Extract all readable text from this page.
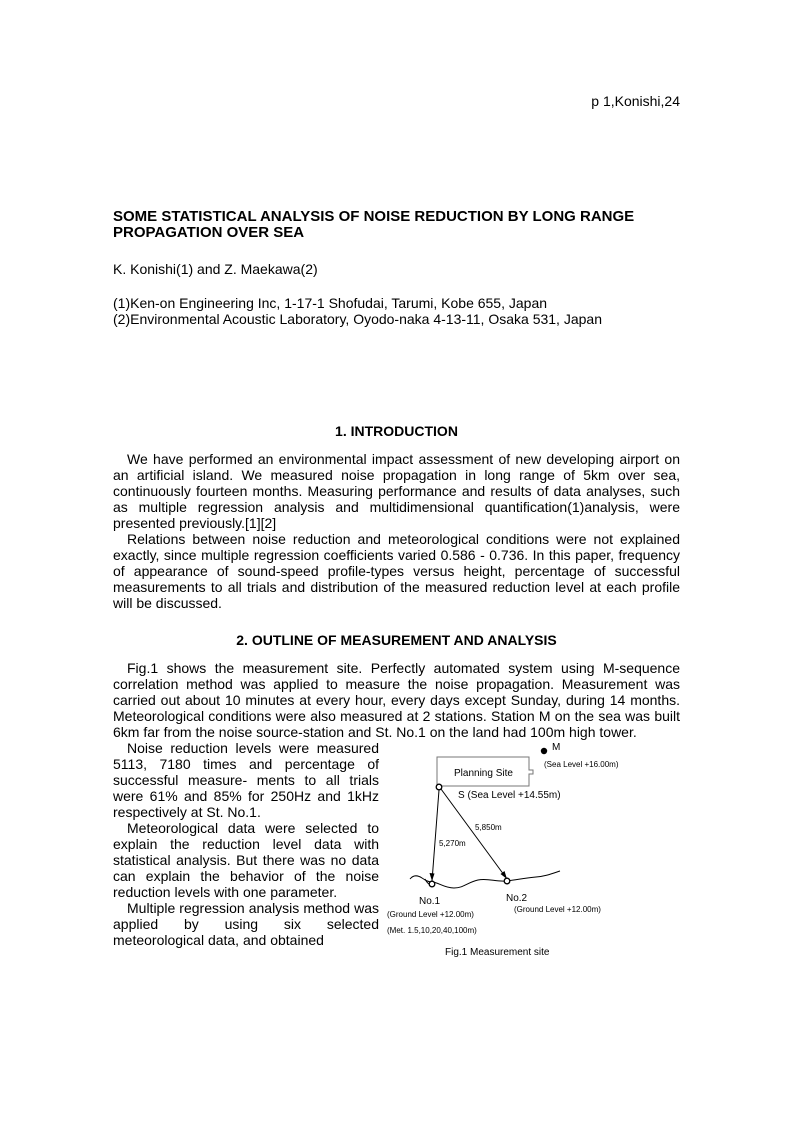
p 1,Konishi,24
SOME STATISTICAL ANALYSIS OF NOISE REDUCTION BY LONG RANGE PROPAGATION OVER SEA
K. Konishi(1) and Z. Maekawa(2)
(1)Ken-on Engineering Inc, 1-17-1 Shofudai, Tarumi, Kobe 655, Japan
(2)Environmental Acoustic Laboratory, Oyodo-naka 4-13-11, Osaka 531, Japan
1. INTRODUCTION

We have performed an environmental impact assessment of new developing airport on an artificial island. We measured noise propagation in long range of 5km over sea, continuously fourteen months. Measuring performance and results of data analyses, such as multiple regression analysis and multidimensional quantification(1)analysis, were presented previously.[1][2]

Relations between noise reduction and meteorological conditions were not explained exactly, since multiple regression coefficients varied 0.586 - 0.736. In this paper, frequency of appearance of sound-speed profile-types versus height, percentage of successful measurements to all trials and distribution of the measured reduction level at each profile will be discussed.

2. OUTLINE OF MEASUREMENT AND ANALYSIS

Fig.1 shows the measurement site. Perfectly automated system using M-sequence correlation method was applied to measure the noise propagation. Measurement was carried out about 10 minutes at every hour, every days except Sunday, during 14 months. Meteorological conditions were also measured at 2 stations. Station M on the sea was built 6km far from the noise source-station and St. No.1 on the land had 100m high tower.

Noise reduction levels were measured 5113, 7180 times and percentage of successful measure- ments to all trials were 61% and 85% for 250Hz and 1kHz respectively at St. No.1.

Meteorological data were selected to explain the reduction level data with statistical analysis. But there was no data can explain the behavior of the noise reduction levels with one parameter.

Multiple regression analysis method was applied by using six selected meteorological data, and obtained

M
(Sea Level +16.00m)
Planning Site
S (Sea Level +14.55m)
5,850m
5,270m
No.1
(Ground Level +12.00m)
(Met. 1.5,10,20,40,100m)
No.2
(Ground Level +12.00m)
Fig.1 Measurement site
